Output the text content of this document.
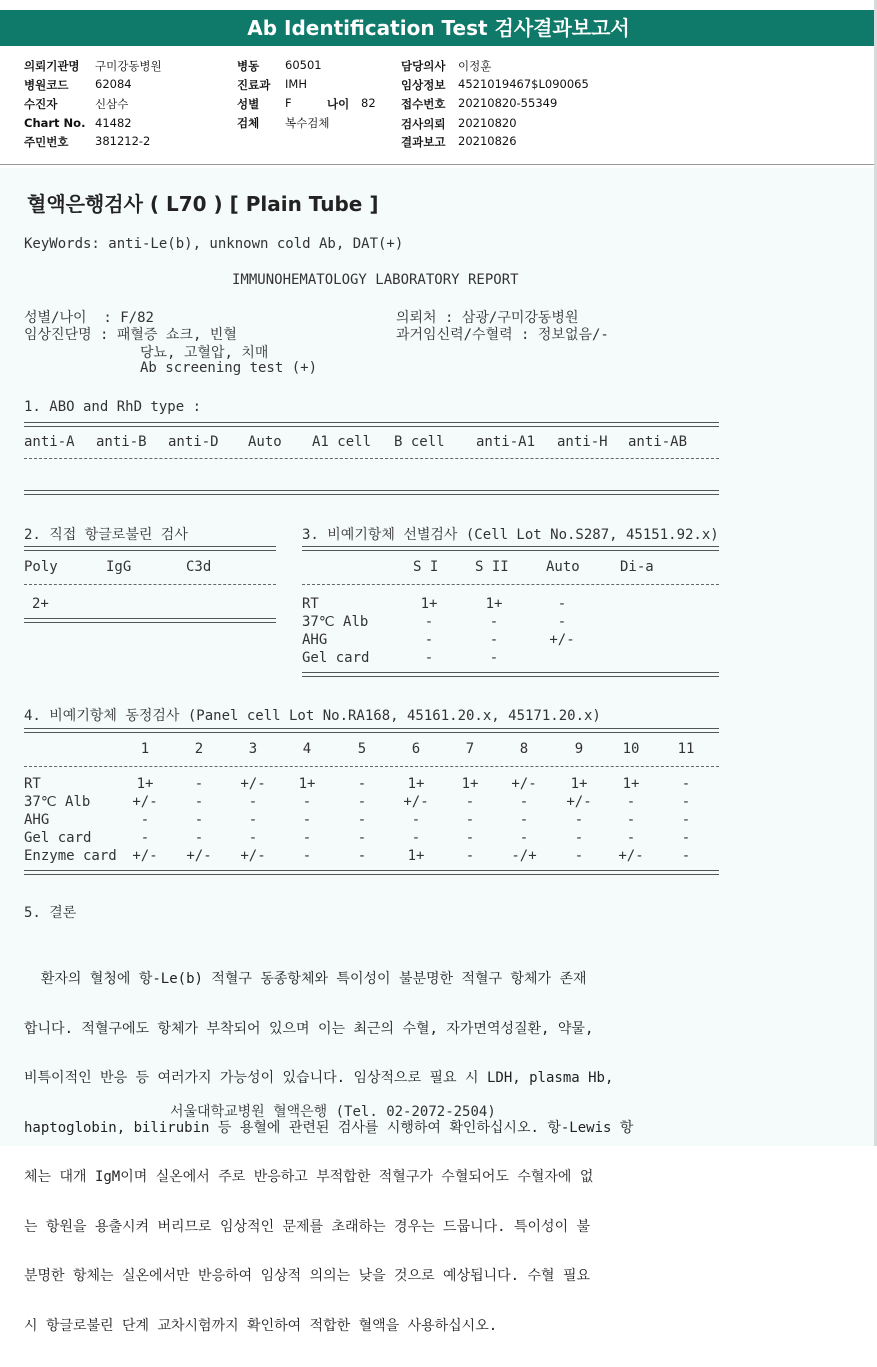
Ab Identification Test 검사결과보고서
의뢰기관명 구미강동병원
병원코드 62084
수진자	신삼수
Chart No. 41482
주민번호 381212-2
병동 60501
진료과 IMH
성별 F	나이 82
검체 복수검체
담당의사 이정훈
임상정보 4521019467$L090065
접수번호 20210820-55349
검사의뢰 20210820
결과보고 20210826
혈액은행검사 ( L70 ) [ Plain Tube ]
KeyWords: anti-Le(b), unknown cold Ab, DAT(+)
IMMUNOHEMATOLOGY LABORATORY REPORT
성별/나이  : F/82
임상진단명 : 패혈증 쇼크, 빈혈
당뇨, 고혈압, 치매
Ab screening test (+)
의뢰처 : 삼광/구미강동병원
과거임신력/수혈력 : 정보없음/-
1. ABO and RhD type :
anti-A anti-B anti-D Auto A1 cell B cell anti-A1 anti-H anti-AB
2. 직접 항글로불린 검사
Poly	IgG	C3d
2+
3. 비예기항체 선별검사 (Cell Lot No.S287, 45151.92.x)
S I	S II	Auto	Di-a
RT	1+	1+	-
37℃ Alb	-	-	-
AHG	-	-	+/-
Gel card	-	-
4. 비예기항체 동정검사 (Panel cell Lot No.RA168, 45161.20.x, 45171.20.x)
1	2	3	4	5	6	7	8	9	10	11
RT	1+	-	+/-	1+	-	1+	1+	+/-	1+	1+	-
37℃ Alb	+/-	-	-	-	-	+/-	-	-	+/-	-	-
AHG	-	-	-	-	-	-	-	-	-	-	-
Gel card	-	-	-	-	-	-	-	-	-	-	-
Enzyme card	+/-	+/-	+/-	-	-	1+	-	-/+	-	+/-	-
5. 결론

환자의 혈청에 항-Le(b) 적혈구 동종항체와 특이성이 불분명한 적혈구 항체가 존재

합니다. 적혈구에도 항체가 부착되어 있으며 이는 최근의 수혈, 자가면역성질환, 약물,

비특이적인 반응 등 여러가지 가능성이 있습니다. 임상적으로 필요 시 LDH, plasma Hb,

haptoglobin, bilirubin 등 용혈에 관련된 검사를 시행하여 확인하십시오. 항-Lewis 항

체는 대개 IgM이며 실온에서 주로 반응하고 부적합한 적혈구가 수혈되어도 수혈자에 없

는 항원을 용출시켜 버리므로 임상적인 문제를 초래하는 경우는 드뭅니다. 특이성이 불

분명한 항체는 실온에서만 반응하여 임상적 의의는 낮을 것으로 예상됩니다. 수혈 필요

시 항글로불린 단계 교차시험까지 확인하여 적합한 혈액을 사용하십시오.

서울대학교병원 혈액은행 (Tel. 02-2072-2504)
